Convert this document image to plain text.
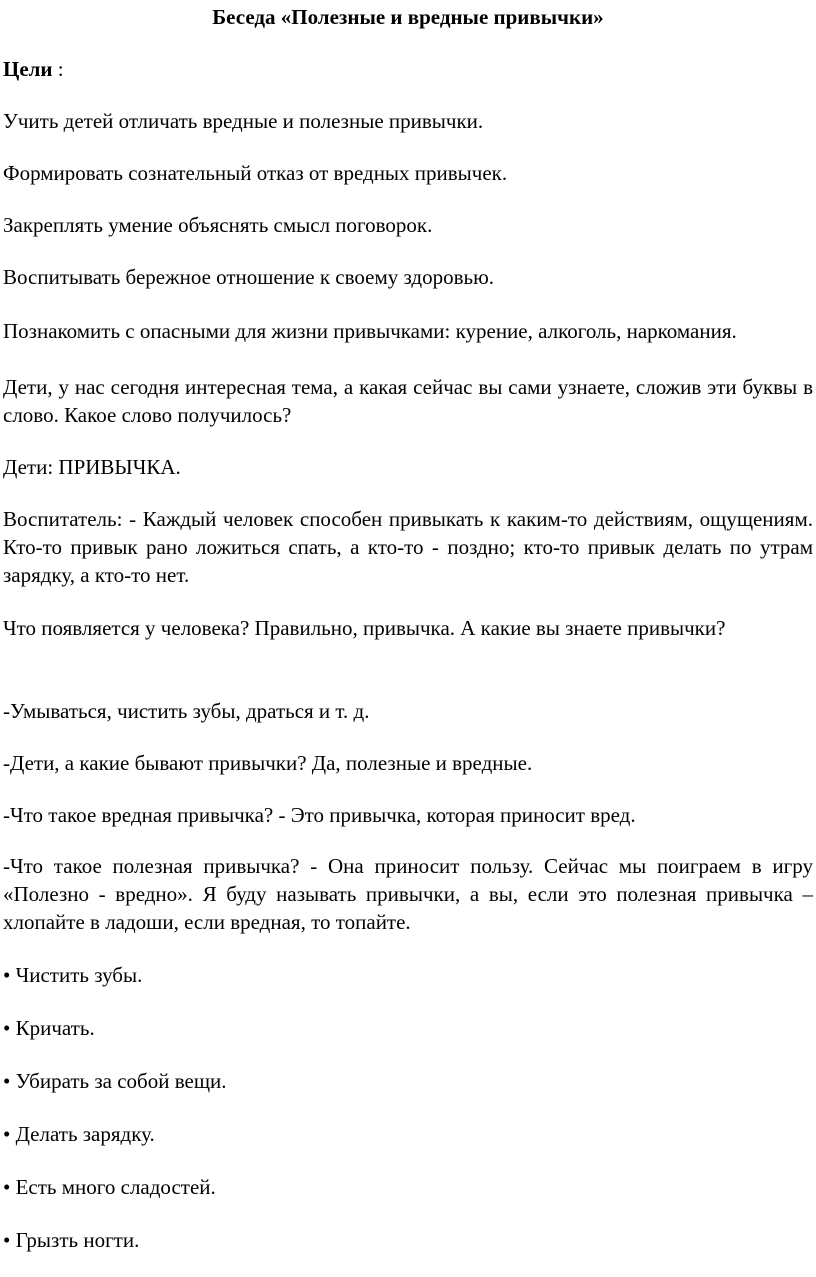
Беседа «Полезные и вредные привычки»

Цели :

Учить детей отличать вредные и полезные привычки.

Формировать сознательный отказ от вредных привычек.

Закреплять умение объяснять смысл поговорок.

Воспитывать бережное отношение к своему здоровью.

Познакомить с опасными для жизни привычками: курение, алкоголь, наркомания.

Дети, у нас сегодня интересная тема, а какая сейчас вы сами узнаете, сложив эти буквы в слово. Какое слово получилось?

Дети: ПРИВЫЧКА.

Воспитатель: - Каждый человек способен привыкать к каким-то действиям, ощущениям. Кто-то привык рано ложиться спать, а кто-то - поздно; кто-то привык делать по утрам зарядку, а кто-то нет.

Что появляется у человека? Правильно, привычка. А какие вы знаете привычки?

-Умываться, чистить зубы, драться и т. д.

-Дети, а какие бывают привычки? Да, полезные и вредные.

-Что такое вредная привычка? - Это привычка, которая приносит вред.

-Что такое полезная привычка? - Она приносит пользу. Сейчас мы поиграем в игру «Полезно - вредно». Я буду называть привычки, а вы, если это полезная привычка – хлопайте в ладоши, если вредная, то топайте.

• Чистить зубы.

• Кричать.

• Убирать за собой вещи.

• Делать зарядку.

• Есть много сладостей.

• Грызть ногти.
